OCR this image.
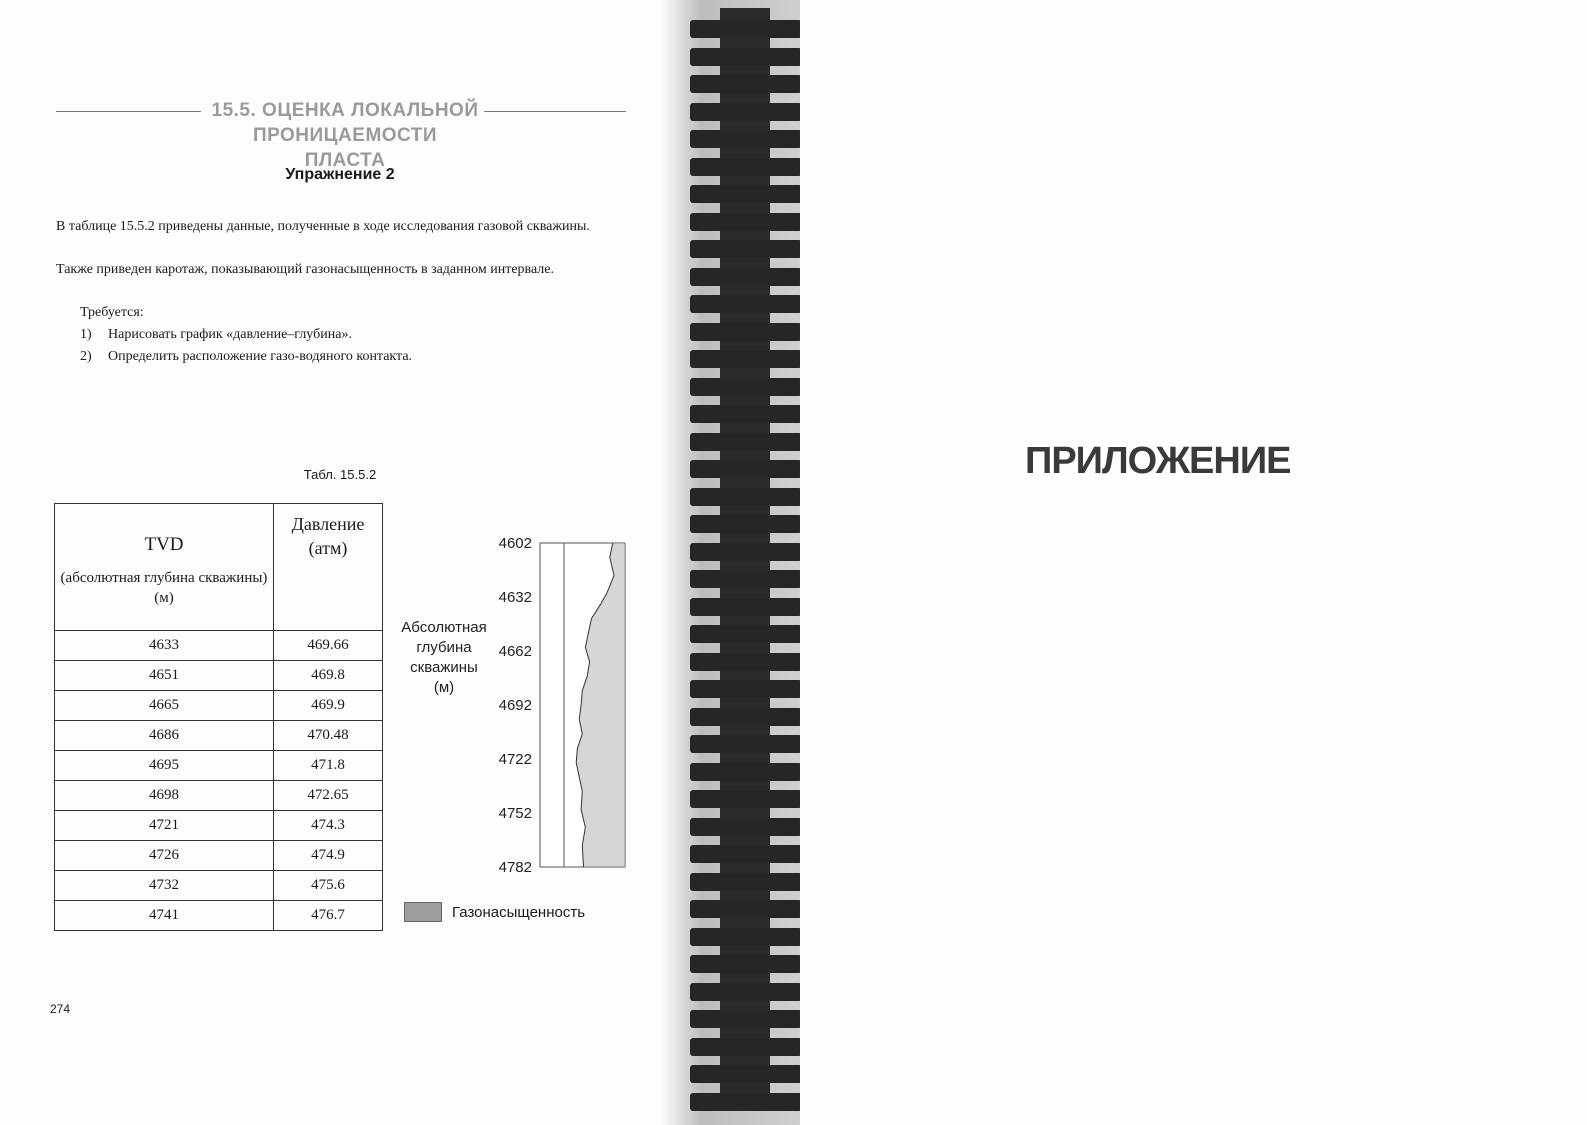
15.5. ОЦЕНКА ЛОКАЛЬНОЙ
ПРОНИЦАЕМОСТИ ПЛАСТА
Упражнение 2
В таблице 15.5.2 приведены данные, полученные в ходе исследования газовой скважины.
Также приведен каротаж, показывающий газонасыщенность в заданном интервале.
Требуется:
1)	Нарисовать график «давление–глубина».
2)	Определить расположение газо-водяного контакта.
Табл. 15.5.2
TVD
(абсолютная глубина скважины)
(м)	Давление
(атм)

4633	469.66
4651	469.8
4665	469.9
4686	470.48
4695	471.8
4698	472.65
4721	474.3
4726	474.9
4732	475.6
4741	476.7
Абсолютная
глубина
скважины
(м)
4602
4632
4662
4692
4722
4752
4782
Газонасыщенность
274
ПРИЛОЖЕНИЕ
